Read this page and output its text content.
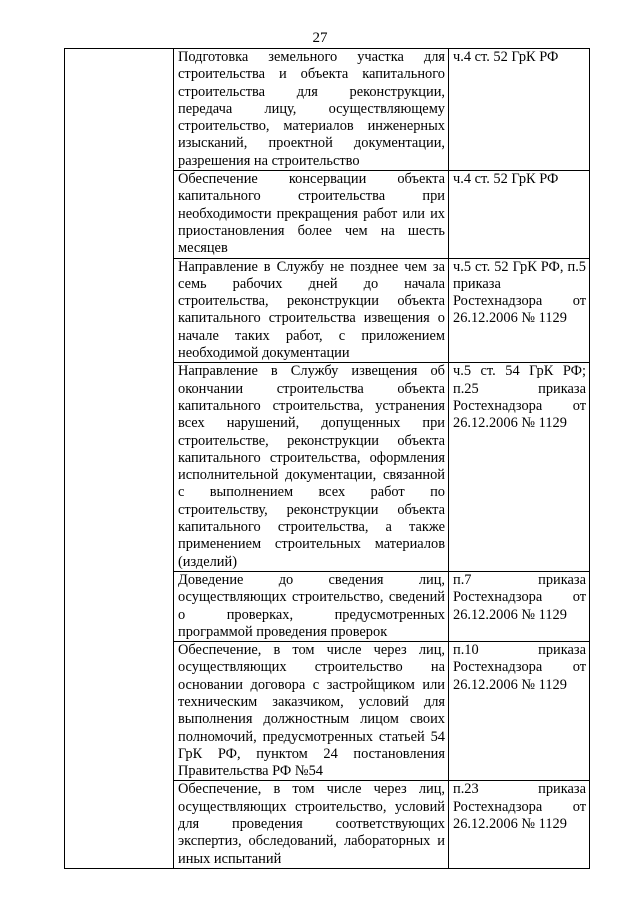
27
	Подготовка земельного участка для строительства и объекта капитального строительства для реконструкции, передача лицу, осуществляющему строительство, материалов инженерных изысканий, проектной документации, разрешения на строительство	ч.4 ст. 52 ГрК РФ
	Обеспечение консервации объекта капитального строительства при необходимости прекращения работ или их приостановления более чем на шесть месяцев	ч.4 ст. 52 ГрК РФ
	Направление в Службу не позднее чем за семь рабочих дней до начала строительства, реконструкции объекта капитального строительства извещения о начале таких работ, с приложением необходимой документации	ч.5 ст. 52 ГрК РФ, п.5 приказа Ростехнадзора от 26.12.2006 № 1129
	Направление в Службу извещения об окончании строительства объекта капитального строительства, устранения всех нарушений, допущенных при строительстве, реконструкции объекта капитального строительства, оформления исполнительной документации, связанной с выполнением всех работ по строительству, реконструкции объекта капитального строительства, а также применением строительных материалов (изделий)	ч.5 ст. 54 ГрК РФ; п.25 приказа Ростехнадзора от 26.12.2006 № 1129
	Доведение до сведения лиц, осуществляющих строительство, сведений о проверках, предусмотренных программой проведения проверок	п.7 приказа Ростехнадзора от 26.12.2006 № 1129
	Обеспечение, в том числе через лиц, осуществляющих строительство на основании договора с застройщиком или техническим заказчиком, условий для выполнения должностным лицом своих полномочий, предусмотренных статьей 54 ГрК РФ, пунктом 24 постановления Правительства РФ №54	п.10 приказа Ростехнадзора от 26.12.2006 № 1129
	Обеспечение, в том числе через лиц, осуществляющих строительство, условий для проведения соответствующих экспертиз, обследований, лабораторных и иных испытаний	п.23 приказа Ростехнадзора от 26.12.2006 № 1129
